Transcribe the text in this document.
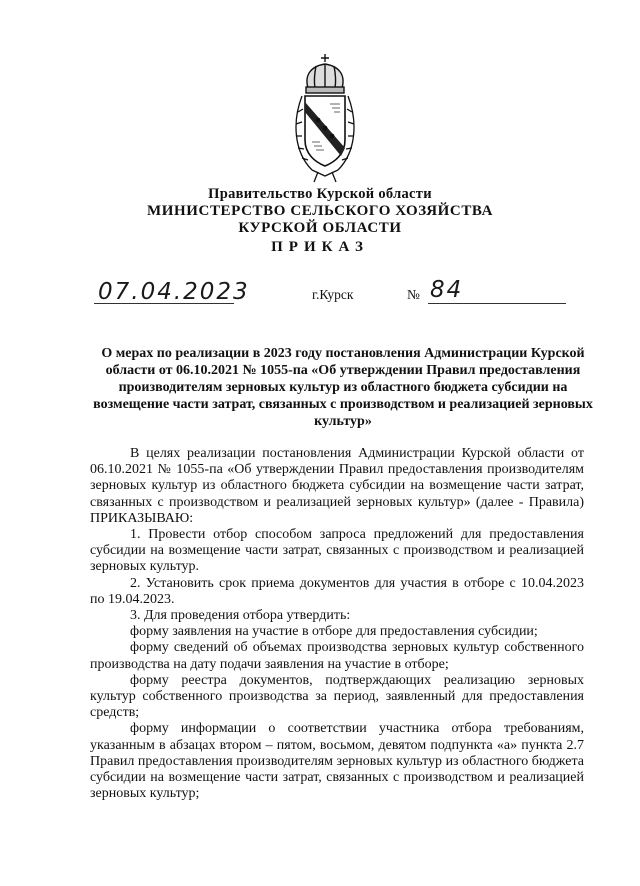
Правительство Курской области
МИНИСТЕРСТВО СЕЛЬСКОГО ХОЗЯЙСТВА
КУРСКОЙ ОБЛАСТИ
ПРИКАЗ
07.04.2023	г.Курск	№ 84
О мерах по реализации в 2023 году постановления Администрации Курской области от 06.10.2021 № 1055-па «Об утверждении Правил предоставления производителям зерновых культур из областного бюджета субсидии на возмещение части затрат, связанных с производством и реализацией зерновых культур»

В целях реализации постановления Администрации Курской области от 06.10.2021 № 1055-па «Об утверждении Правил предоставления производителям зерновых культур из областного бюджета субсидии на возмещение части затрат, связанных с производством и реализацией зерновых культур» (далее - Правила) ПРИКАЗЫВАЮ:

1. Провести отбор способом запроса предложений для предоставления субсидии на возмещение части затрат, связанных с производством и реализацией зерновых культур.

2. Установить срок приема документов для участия в отборе с 10.04.2023 по 19.04.2023.

3. Для проведения отбора утвердить:

форму заявления на участие в отборе для предоставления субсидии;

форму сведений об объемах производства зерновых культур собственного производства на дату подачи заявления на участие в отборе;

форму реестра документов, подтверждающих реализацию зерновых культур собственного производства за период, заявленный для предоставления средств;

форму информации о соответствии участника отбора требованиям, указанным в абзацах втором – пятом, восьмом, девятом подпункта «а» пункта 2.7 Правил предоставления производителям зерновых культур из областного бюджета субсидии на возмещение части затрат, связанных с производством и реализацией зерновых культур;
